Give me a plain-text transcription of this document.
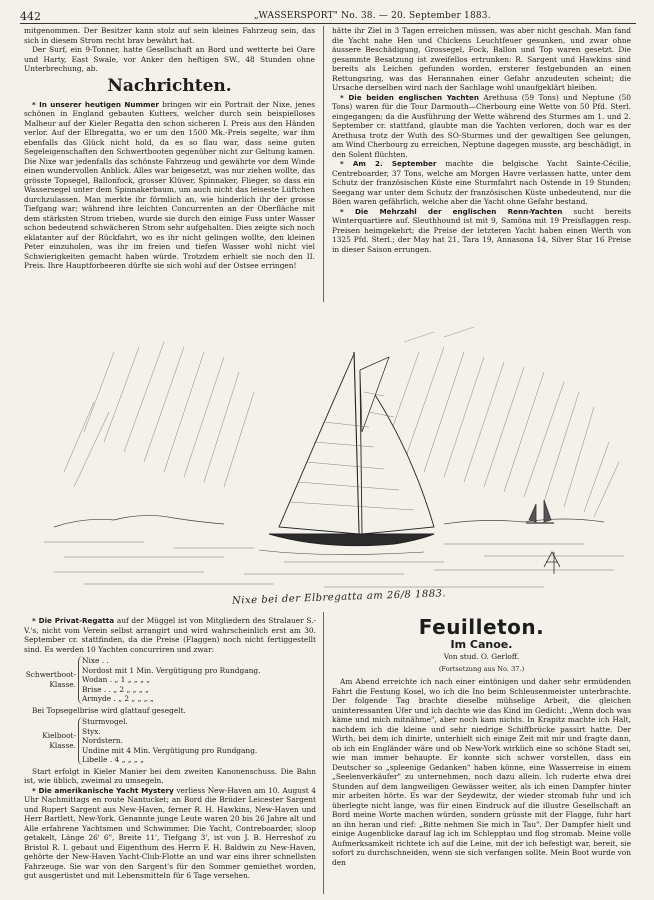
442	„WASSERSPORT" No. 38. — 20. September 1883.

mitgenommen. Der Besitzer kann stolz auf sein kleines Fahrzeug sein, das sich in diesem Strom recht brav bewährt hat.

Der Surf, ein 9-Tonner, hatte Gesellschaft an Bord und wetterte bei Oare und Harty, East Swale, vor Anker den heftigen SW., 48 Stunden ohne Unterbrechung, ab.

Nachrichten.

* In unserer heutigen Nummer bringen wir ein Portrait der Nixe, jenes schönen in England gebauten Kutters, welcher durch sein beispielloses Malheur auf der Kieler Regatta den schon sicheren I. Preis aus den Händen verlor. Auf der Elbregatta, wo er um den 1500 Mk.-Preis segelte, war ihm ebenfalls das Glück nicht hold, da es so flau war, dass seine guten Segeleigenschaften den Schwertbooten gegenüber nicht zur Geltung kamen. Die Nixe war jedenfalls das schönste Fahrzeug und gewährte vor dem Winde einen wundervollen Anblick. Alles war beigesetzt, was nur ziehen wollte, das grösste Topsegel, Ballonfock, grosser Klüver, Spinnaker, Flieger, so dass ein Wassersegel unter dem Spinnakerbaum, um auch nicht das leiseste Lüftchen durchzulassen. Man merkte ihr förmlich an, wie hinderlich ihr der grosse Tiefgang war; während ihre leichten Concurrenten an der Oberfläche mit dem stärksten Strom trieben, wurde sie durch den einige Fuss unter Wasser schon bedeutend schwächeren Strom sehr aufgehalten. Dies zeigte sich noch eklatanter auf der Rückfahrt, wo es ihr nicht gelingen wollte, den kleinen Peter einzuholen, was ihr im freien und tiefen Wasser wohl nicht viel Schwierigkeiten gemacht haben würde. Trotzdem erhielt sie noch den II. Preis. Ihre Hauptforbeeren dürfte sie sich wohl auf der Ostsee erringen!

hätte ihr Ziel in 3 Tagen erreichen müssen, was aber nicht geschah. Man fand die Yacht nahe Hen und Chickens Leuchtfeuer gesunken, und zwar ohne äussere Beschädigung, Grossegel, Fock, Ballon und Top waren gesetzt. Die gesammte Besatzung ist zweifellos ertrunken: R. Sargent und Hawkins sind bereits als Leichen gefunden worden, ersterer festgebunden an einen Rettungsring, was das Herannahen einer Gefahr anzudeuten scheint; die Ursache derselben wird nach der Sachlage wohl unaufgeklärt bleiben.

* Die beiden englischen Yachten Arethusa (59 Tons) und Neptune (50 Tons) waren für die Tour Darmouth—Cherbourg eine Wette von 50 Pfd. Sterl. eingegangen; da die Ausführung der Wette während des Sturmes am 1. und 2. September cr. stattfand, glaubte man die Yachten verloren, doch war es der Arethusa trotz der Wuth des SO-Sturmes und der gewaltigen See gelungen, am Wind Cherbourg zu erreichen, Neptune dagegen musste, arg beschädigt, in den Solent flüchten.

* Am 2. September machte die belgische Yacht Sainte-Cécilie, Centreboarder, 37 Tons, welche am Morgen Havre verlassen hatte, unter dem Schutz der französischen Küste eine Sturmfahrt nach Ostende in 19 Stunden; Seegang war unter dem Schutz der französischen Küste unbedeutend, nur die Böen waren gefährlich, welche aber die Yacht ohne Gefahr bestand.

* Die Mehrzahl der englischen Renn-Yachten sucht bereits Winterquartiere auf. Sleuthhound ist mit 9, Samöna mit 19 Preisflaggen resp. Preisen heimgekehrt; die Preise der letzteren Yacht haben einen Werth von 1325 Pfd. Sterl.; der May hat 21, Tara 19, Annasona 14, Silver Star 16 Preise in dieser Saison errungen.

Nixe bei der Elbregatta am 26/8 1883.

* Die Privat-Regatta auf der Müggel ist von Mitgliedern des Stralauer S.-V.'s, nicht vom Verein selbst arrangirt und wird wahrscheinlich erst am 30. September cr. stattfinden, da die Preise (Flaggen) noch nicht fertiggestellt sind. Es werden 10 Yachten concurriren und zwar:

Schwertboot-Klasse.
Nixe . .
Nordost mit 1 Min. Vergütigung pro Rundgang.
Wodan . „ 1 „ „ „ „
Brise . . „ 2 „ „ „ „
Armyde . „ 2 „ „ „ „

Bei Topsegelbrise wird glattauf gesegelt.

Kielboot-Klasse.
Sturmvogel.
Styx.
Nordstern.
Undine mit 4 Min. Vergütigung pro Rundgang.
Libelle . 4 „ „ „ „

Start erfolgt in Kieler Manier bei dem zweiten Kanonenschuss. Die Bahn ist, wie üblich, zweimal zu umsegeln.

* Die amerikanische Yacht Mystery verliess New-Haven am 10. August 4 Uhr Nachmittags en route Nantucket; an Bord die Brüder Leicester Sargent und Rupert Sargent aus New-Haven, ferner R. H. Hawkins, New-Haven und Herr Bartlett, New-York. Genannte junge Leute waren 20 bis 26 Jahre alt und Alle erfahrene Yachtsmen und Schwimmer. Die Yacht, Contreboarder, sloop getakelt, Länge 26' 6", Breite 11', Tiefgang 3', ist von J. B. Herreshof zu Bristol R. I. gebaut und Eigenthum des Herrn F. H. Baldwin zu New-Haven, gehörte der New-Haven Yacht-Club-Flotte an und war eins ihrer schnellsten Fahrzeuge. Sie war von den Sargent's für den Sommer gemiethet worden, gut ausgerüstet und mit Lebensmitteln für 6 Tage versehen.

Feuilleton.
Im Canoe.
Von stud. O. Gerloff.
(Fortsetzung aus No. 37.)

Am Abend erreichte ich nach einer eintönigen und daher sehr ermüdenden Fahrt die Festung Kosel, wo ich die Ino beim Schleusenmeister unterbrachte. Der folgende Tag brachte dieselbe mühselige Arbeit, die gleichen uninteressanten Ufer und ich dachte wie das Kind im Gedicht: „Wenn doch was käme und mich mitnähme", aber noch kam nichts. In Krapitz machte ich Halt, nachdem ich die kleine und sehr niedrige Schiffbrücke passirt hatte. Der Wirth, bei dem ich dinirte, unterhielt sich einige Zeit mit mir und fragte dann, ob ich ein Engländer wäre und ob New-York wirklich eine so schöne Stadt sei, wie man immer behaupte. Er konnte sich schwer vorstellen, dass ein Deutscher so „spleenige Gedanken" haben könne, eine Wasserreise in einem „Seelenverkäufer" zu unternehmen, noch dazu allein. Ich ruderte etwa drei Stunden auf dem langweiligen Gewässer weiter, als ich einen Dampfer hinter mir arbeiten hörte. Es war der Seydewitz, der wieder stromab fuhr und ich überlegte nicht lange, was für einen Eindruck auf die illustre Gesellschaft an Bord meine Worte machen würden, sondern grüsste mit der Flagge, fuhr hart an ihn heran und rief: „Bitte nehmen Sie mich in Tau". Der Dampfer hielt und einige Augenblicke darauf lag ich im Schlepptau und flog stromab. Meine volle Aufmerksamkeit richtete ich auf die Leine, mit der ich befestigt war, bereit, sie sofort zu durchschneiden, wenn sie sich verfangen sollte. Mein Boot wurde von den
